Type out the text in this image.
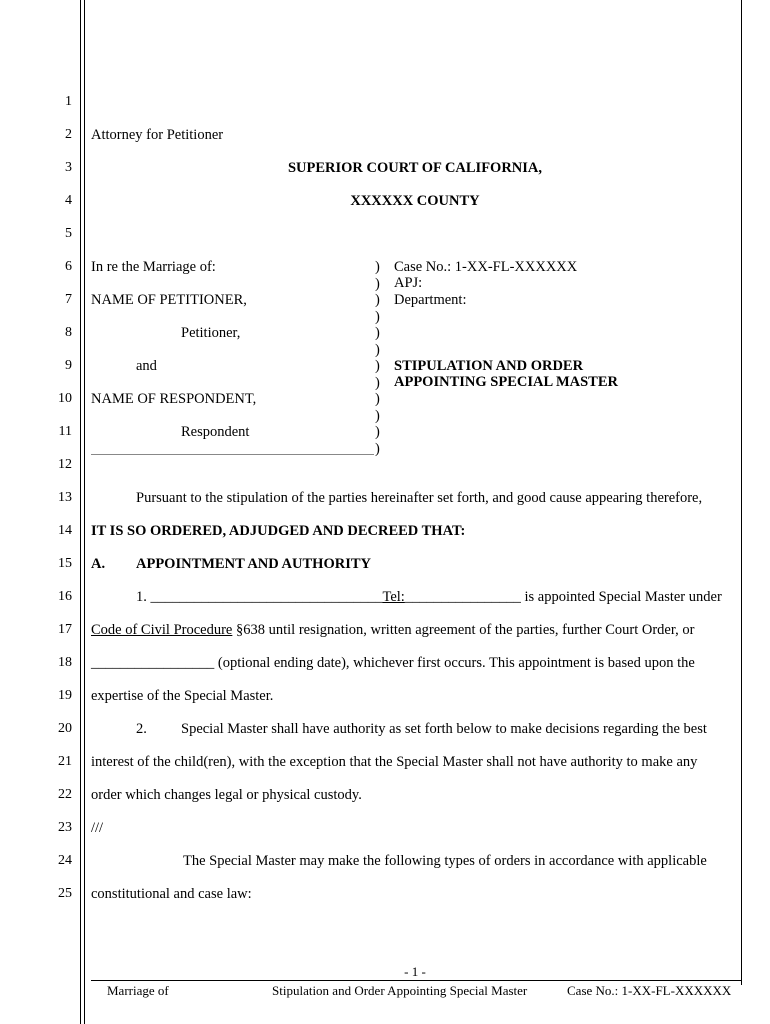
1
2
3
4
5
6
7
8
9
10
11
12
13
14
15
16
17
18
19
20
21
22
23
24
25
Attorney for Petitioner
SUPERIOR COURT OF CALIFORNIA,
XXXXXX COUNTY
In re the Marriage of:
NAME OF PETITIONER,
Petitioner,
and
NAME OF RESPONDENT,
Respondent
)
)
)
)
)
)
)
)
)
)
)
)
Case No.: 1-XX-FL-XXXXXX
APJ:
Department:
STIPULATION AND ORDER
APPOINTING SPECIAL MASTER
Pursuant to the stipulation of the parties hereinafter set forth, and good cause appearing therefore,
IT IS SO ORDERED, ADJUDGED AND DECREED THAT:
A. APPOINTMENT AND AUTHORITY
1. ________________________________Tel:________________ is appointed Special Master under
Code of Civil Procedure §638 until resignation, written agreement of the parties, further Court Order, or
_________________ (optional ending date), whichever first occurs. This appointment is based upon the
expertise of the Special Master.
2. Special Master shall have authority as set forth below to make decisions regarding the best
interest of the child(ren), with the exception that the Special Master shall not have authority to make any
order which changes legal or physical custody.
///
The Special Master may make the following types of orders in accordance with applicable
constitutional and case law:
- 1 -
Marriage of	Stipulation and Order Appointing Special Master	Case No.: 1-XX-FL-XXXXXX
